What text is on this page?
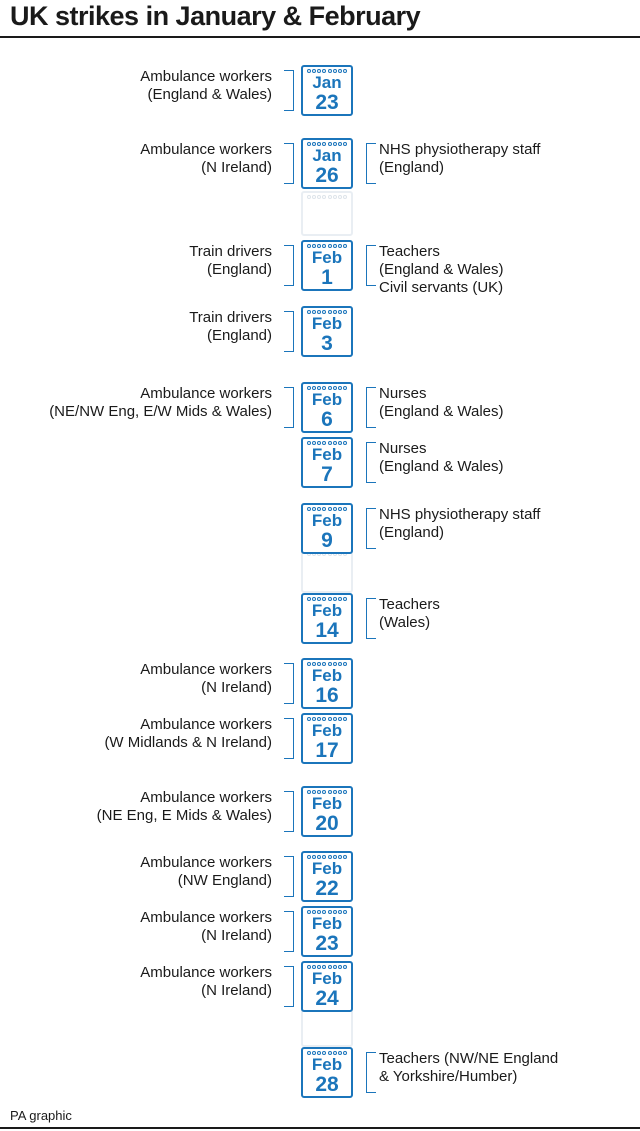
UK strikes in January & February
Jan
23
Ambulance workers
(England & Wales)
Jan
26
Ambulance workers
(N Ireland)
NHS physiotherapy staff
(England)
Feb
1
Train drivers
(England)
Teachers
(England & Wales)
Civil servants (UK)
Feb
3
Train drivers
(England)
Feb
6
Ambulance workers
(NE/NW Eng, E/W Mids & Wales)
Nurses
(England & Wales)
Feb
7
Nurses
(England & Wales)
Feb
9
NHS physiotherapy staff
(England)
Feb
14
Teachers
(Wales)
Feb
16
Ambulance workers
(N Ireland)
Feb
17
Ambulance workers
(W Midlands & N Ireland)
Feb
20
Ambulance workers
(NE Eng, E Mids & Wales)
Feb
22
Ambulance workers
(NW England)
Feb
23
Ambulance workers
(N Ireland)
Feb
24
Ambulance workers
(N Ireland)
Feb
28
Teachers (NW/NE England
& Yorkshire/Humber)
PA graphic
